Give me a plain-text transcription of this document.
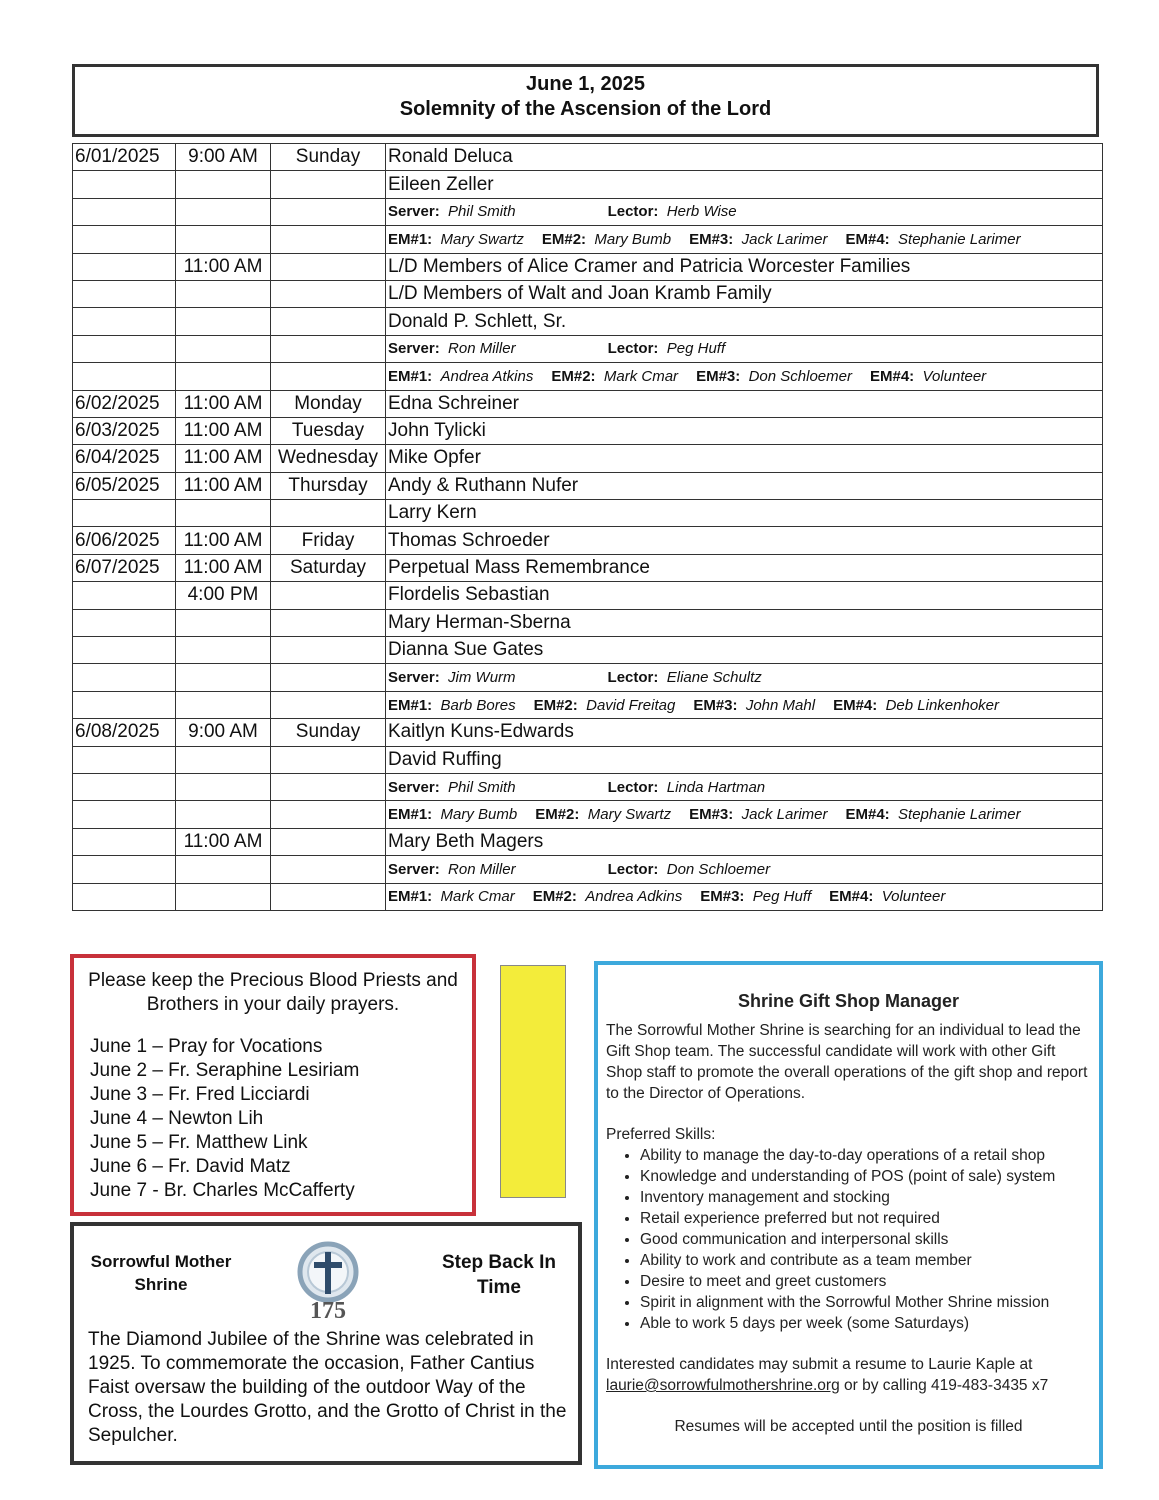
June 1, 2025
Solemnity of the Ascension of the Lord
6/01/2025	9:00 AM	Sunday	Ronald Deluca
			Eileen Zeller
			Server: Phil Smith Lector: Herb Wise
			EM#1: Mary Swartz EM#2: Mary Bumb EM#3: Jack Larimer EM#4: Stephanie Larimer
	11:00 AM		L/D Members of Alice Cramer and Patricia Worcester Families
			L/D Members of Walt and Joan Kramb Family
			Donald P. Schlett, Sr.
			Server: Ron Miller Lector: Peg Huff
			EM#1: Andrea Atkins EM#2: Mark Cmar EM#3: Don Schloemer EM#4: Volunteer
6/02/2025	11:00 AM	Monday	Edna Schreiner
6/03/2025	11:00 AM	Tuesday	John Tylicki
6/04/2025	11:00 AM	Wednesday	Mike Opfer
6/05/2025	11:00 AM	Thursday	Andy & Ruthann Nufer
			Larry Kern
6/06/2025	11:00 AM	Friday	Thomas Schroeder
6/07/2025	11:00 AM	Saturday	Perpetual Mass Remembrance
	4:00 PM		Flordelis Sebastian
			Mary Herman-Sberna
			Dianna Sue Gates
			Server: Jim Wurm Lector: Eliane Schultz
			EM#1: Barb Bores EM#2: David Freitag EM#3: John Mahl EM#4: Deb Linkenhoker
6/08/2025	9:00 AM	Sunday	Kaitlyn Kuns-Edwards
			David Ruffing
			Server: Phil Smith Lector: Linda Hartman
			EM#1: Mary Bumb EM#2: Mary Swartz EM#3: Jack Larimer EM#4: Stephanie Larimer
	11:00 AM		Mary Beth Magers
			Server: Ron Miller Lector: Don Schloemer
			EM#1: Mark Cmar EM#2: Andrea Adkins EM#3: Peg Huff EM#4: Volunteer
Please keep the Precious Blood Priests and Brothers in your daily prayers.
June 1 – Pray for Vocations
June 2 – Fr. Seraphine Lesiriam
June 3 – Fr. Fred Licciardi
June 4 – Newton Lih
June 5 – Fr. Matthew Link
June 6 – Fr. David Matz
June 7 - Br. Charles McCafferty
Sorrowful Mother Shrine
175
Step Back In Time
The Diamond Jubilee of the Shrine was celebrated in 1925. To commemorate the occasion, Father Cantius Faist oversaw the building of the outdoor Way of the Cross, the Lourdes Grotto, and the Grotto of Christ in the Sepulcher.
Shrine Gift Shop Manager

The Sorrowful Mother Shrine is searching for an individual to lead the Gift Shop team. The successful candidate will work with other Gift Shop staff to promote the overall operations of the gift shop and report to the Director of Operations.

Preferred Skills:

• Ability to manage the day-to-day operations of a retail shop
• Knowledge and understanding of POS (point of sale) system
• Inventory management and stocking
• Retail experience preferred but not required
• Good communication and interpersonal skills
• Ability to work and contribute as a team member
• Desire to meet and greet customers
• Spirit in alignment with the Sorrowful Mother Shrine mission
• Able to work 5 days per week (some Saturdays)

Interested candidates may submit a resume to Laurie Kaple at
laurie@sorrowfulmothershrine.org or by calling 419-483-3435 x7

Resumes will be accepted until the position is filled
